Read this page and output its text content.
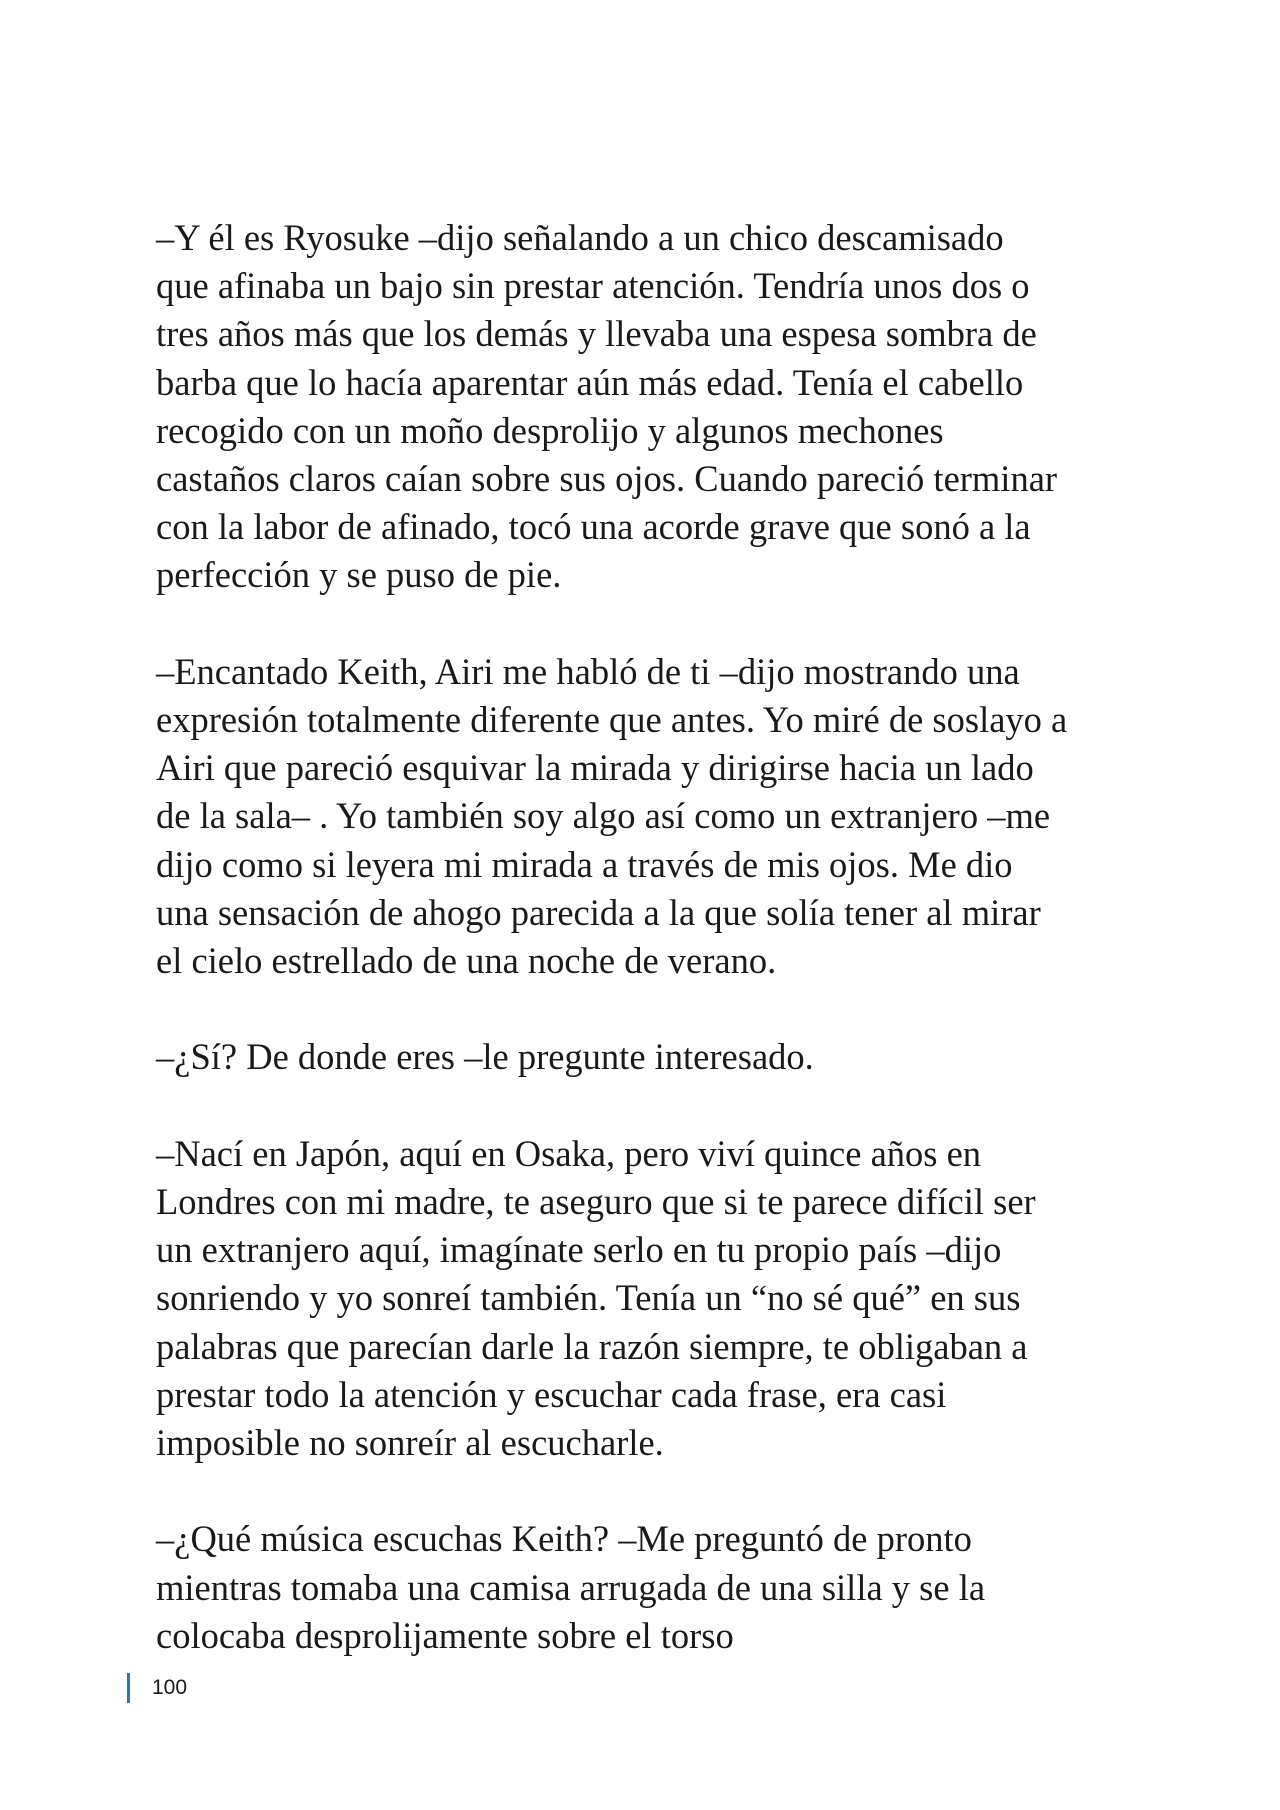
–Y él es Ryosuke –dijo señalando a un chico descamisado
que afinaba un bajo sin prestar atención. Tendría unos dos o
tres años más que los demás y llevaba una espesa sombra de
barba que lo hacía aparentar aún más edad. Tenía el cabello
recogido con un moño desprolijo y algunos mechones
castaños claros caían sobre sus ojos. Cuando pareció terminar
con la labor de afinado, tocó una acorde grave que sonó a la
perfección y se puso de pie.

–Encantado Keith, Airi me habló de ti –dijo mostrando una
expresión totalmente diferente que antes. Yo miré de soslayo a
Airi que pareció esquivar la mirada y dirigirse hacia un lado
de la sala– . Yo también soy algo así como un extranjero –me
dijo como si leyera mi mirada a través de mis ojos. Me dio
una sensación de ahogo parecida a la que solía tener al mirar
el cielo estrellado de una noche de verano.

–¿Sí? De donde eres –le pregunte interesado.

–Nací en Japón, aquí en Osaka, pero viví quince años en
Londres con mi madre, te aseguro que si te parece difícil ser
un extranjero aquí, imagínate serlo en tu propio país –dijo
sonriendo y yo sonreí también. Tenía un “no sé qué” en sus
palabras que parecían darle la razón siempre, te obligaban a
prestar todo la atención y escuchar cada frase, era casi
imposible no sonreír al escucharle.

–¿Qué música escuchas Keith? –Me preguntó de pronto
mientras tomaba una camisa arrugada de una silla y se la
colocaba desprolijamente sobre el torso

100
